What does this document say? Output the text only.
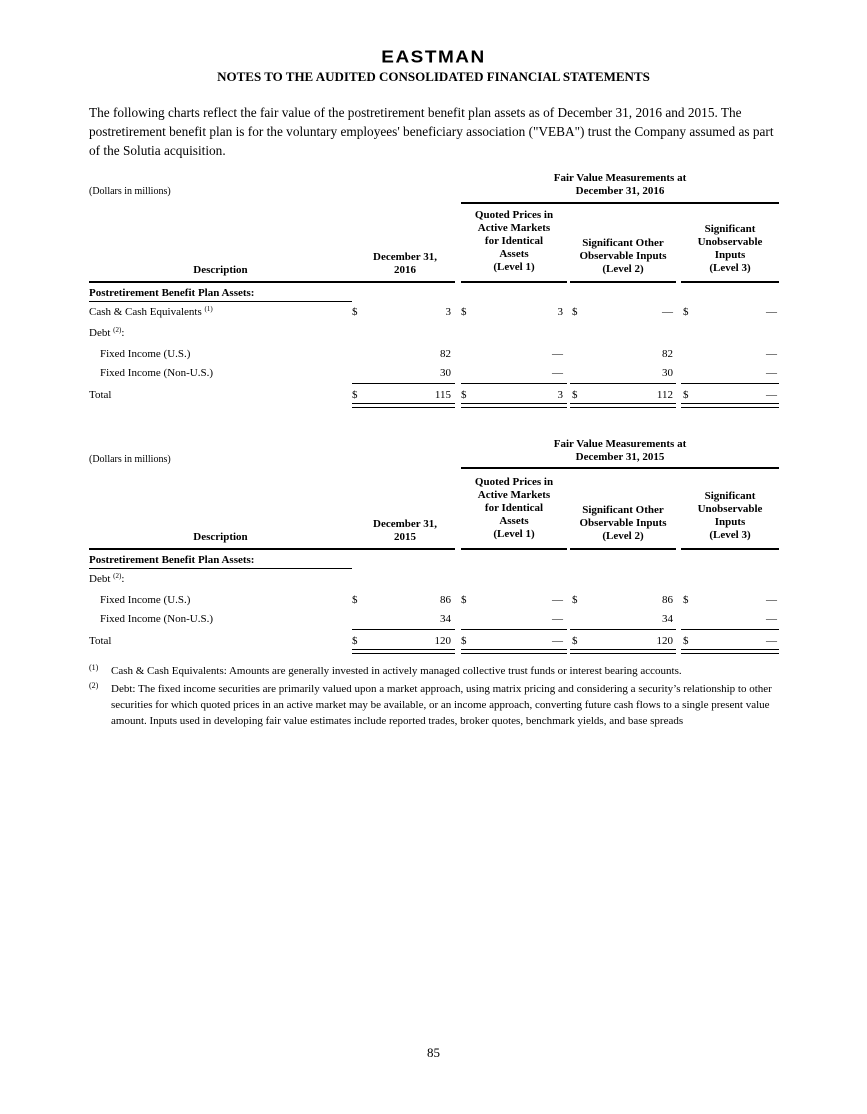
EASTMAN
NOTES TO THE AUDITED CONSOLIDATED FINANCIAL STATEMENTS

The following charts reflect the fair value of the postretirement benefit plan assets as of December 31, 2016 and 2015. The postretirement benefit plan is for the voluntary employees' beneficiary association ("VEBA") trust the Company assumed as part of the Solutia acquisition.

(Dollars in millions)
Fair Value Measurements at
December 31, 2016
Description
December 31,
2016
Quoted Prices in
Active Markets
for Identical
Assets
(Level 1)
Significant Other
Observable Inputs
(Level 2)
Significant
Unobservable
Inputs
(Level 3)
Postretirement Benefit Plan Assets:
Cash & Cash Equivalents $^{(1)}$	$	3 $	3 $	— $	—
Debt $^{(2)}$:
Fixed Income (U.S.)	82	—	82	—
Fixed Income (Non-U.S.)	30	—	30	—
Total	$	115 $	3 $	112 $	—
(Dollars in millions)
Fair Value Measurements at
December 31, 2015
Description
December 31,
2015
Quoted Prices in
Active Markets
for Identical
Assets
(Level 1)
Significant Other
Observable Inputs
(Level 2)
Significant
Unobservable
Inputs
(Level 3)
Postretirement Benefit Plan Assets:
Debt $^{(2)}$:
Fixed Income (U.S.)	$	86 $	— $	86 $	—
Fixed Income (Non-U.S.)	34	—	34	—
Total	$	120 $	— $	120 $	—
(1) Cash & Cash Equivalents: Amounts are generally invested in actively managed collective trust funds or interest bearing accounts.
(2) Debt: The fixed income securities are primarily valued upon a market approach, using matrix pricing and considering a security’s relationship to other securities for which quoted prices in an active market may be available, or an income approach, converting future cash flows to a single present value amount. Inputs used in developing fair value estimates include reported trades, broker quotes, benchmark yields, and base spreads
85
